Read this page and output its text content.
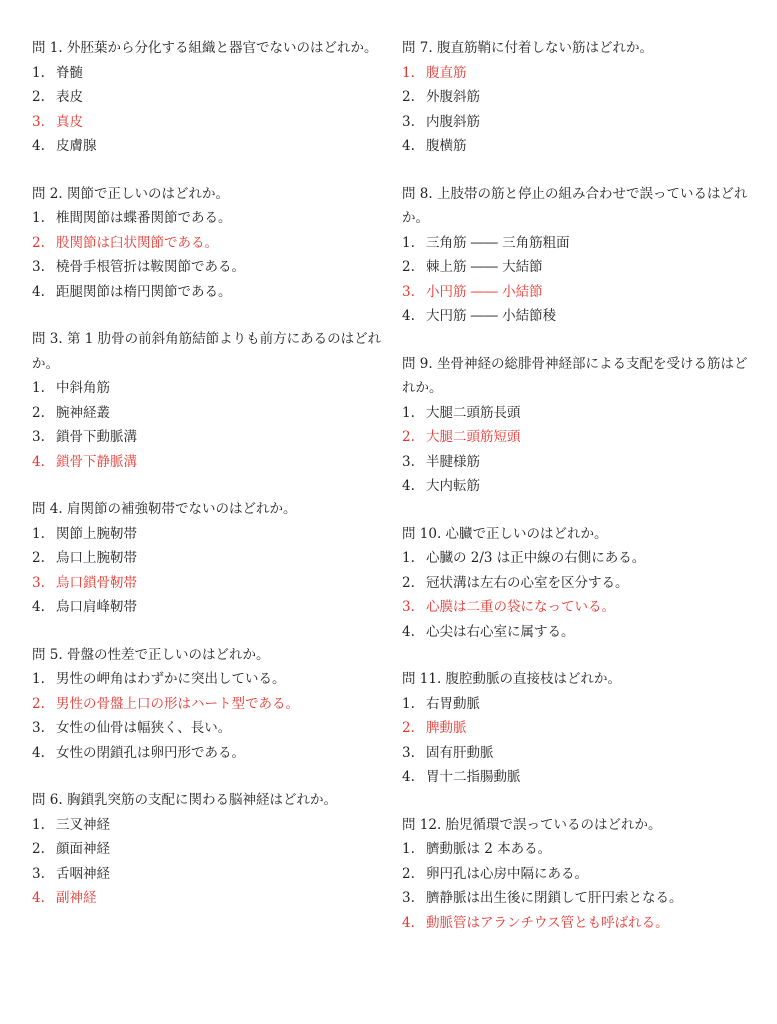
問 1. 外胚葉から分化する組織と器官でないのはどれか。
1. 脊髄
2. 表皮
3. 真皮
4. 皮膚腺
問 2. 関節で正しいのはどれか。
1. 椎間関節は蝶番関節である。
2. 股関節は臼状関節である。
3. 橈骨手根管折は鞍関節である。
4. 距腿関節は楕円関節である。
問 3. 第 1 肋骨の前斜角筋結節よりも前方にあるのはどれか。
1. 中斜角筋
2. 腕神経叢
3. 鎖骨下動脈溝
4. 鎖骨下静脈溝
問 4. 肩関節の補強靭帯でないのはどれか。
1. 関節上腕靭帯
2. 烏口上腕靭帯
3. 烏口鎖骨靭帯
4. 烏口肩峰靭帯
問 5. 骨盤の性差で正しいのはどれか。
1. 男性の岬角はわずかに突出している。
2. 男性の骨盤上口の形はハート型である。
3. 女性の仙骨は幅狭く、長い。
4. 女性の閉鎖孔は卵円形である。
問 6. 胸鎖乳突筋の支配に関わる脳神経はどれか。
1. 三叉神経
2. 顔面神経
3. 舌咽神経
4. 副神経
問 7. 腹直筋鞘に付着しない筋はどれか。
1. 腹直筋
2. 外腹斜筋
3. 内腹斜筋
4. 腹横筋
問 8. 上肢帯の筋と停止の組み合わせで誤っているはどれか。
1. 三角筋 ―― 三角筋粗面
2. 棘上筋 ―― 大結節
3. 小円筋 ―― 小結節
4. 大円筋 ―― 小結節稜
問 9. 坐骨神経の総腓骨神経部による支配を受ける筋はどれか。
1. 大腿二頭筋長頭
2. 大腿二頭筋短頭
3. 半腱様筋
4. 大内転筋
問 10. 心臓で正しいのはどれか。
1. 心臓の 2/3 は正中線の右側にある。
2. 冠状溝は左右の心室を区分する。
3. 心膜は二重の袋になっている。
4. 心尖は右心室に属する。
問 11. 腹腔動脈の直接枝はどれか。
1. 右胃動脈
2. 脾動脈
3. 固有肝動脈
4. 胃十二指腸動脈
問 12. 胎児循環で誤っているのはどれか。
1. 臍動脈は 2 本ある。
2. 卵円孔は心房中隔にある。
3. 臍静脈は出生後に閉鎖して肝円索となる。
4. 動脈管はアランチウス管とも呼ばれる。
